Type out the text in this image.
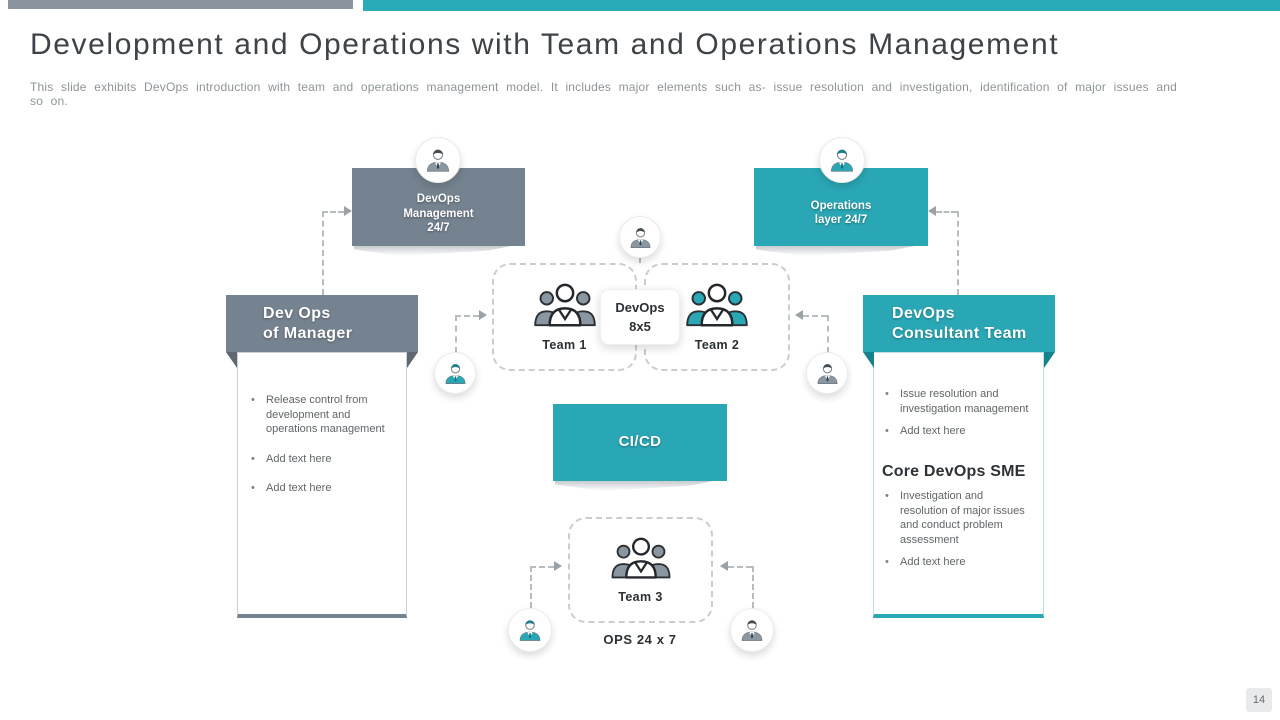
Development and Operations with Team and Operations Management
This slide exhibits DevOps introduction with team and operations management model. It includes major elements such as- issue resolution and investigation, identification of major issues and so on.
DevOps
Management
24/7
Operations
layer 24/7
Team 1	Team 2
DevOps
8x5
CI/CD
Team 3
OPS 24 x 7
Dev Ops
of Manager
• Release control from development and operations management
• Add text here
• Add text here
DevOps
Consultant Team
• Issue resolution and investigation management
• Add text here
Core DevOps SME
• Investigation and resolution of major issues and conduct problem assessment
• Add text here
14
